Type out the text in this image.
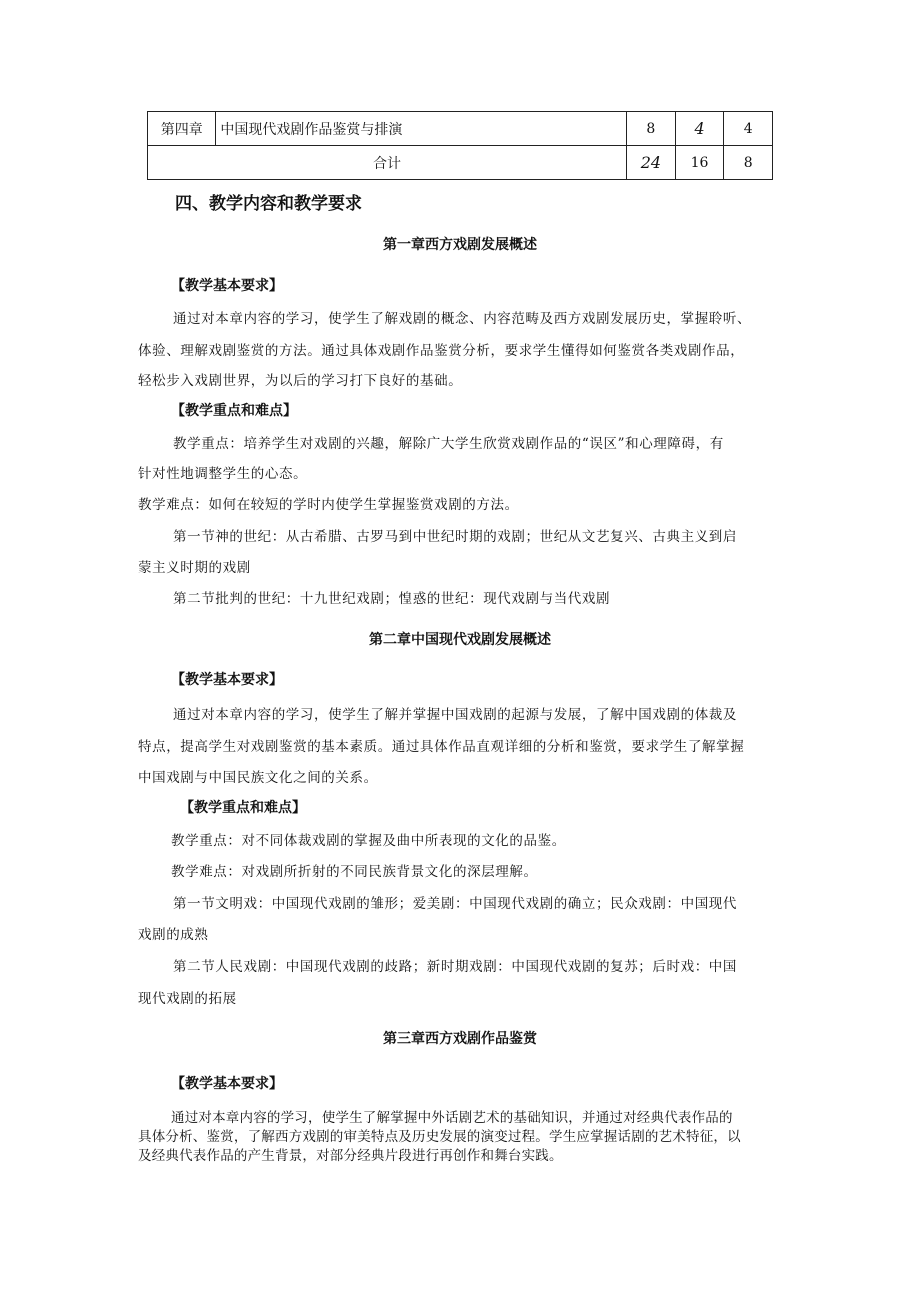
第四章	中国现代戏剧作品鉴赏与排演	8	4	4
合计		24	16	8
四、教学内容和教学要求
第一章西方戏剧发展概述
【教学基本要求】
通过对本章内容的学习，使学生了解戏剧的概念、内容范畴及西方戏剧发展历史，掌握聆听、
体验、理解戏剧鉴赏的方法。通过具体戏剧作品鉴赏分析，要求学生懂得如何鉴赏各类戏剧作品，
轻松步入戏剧世界，为以后的学习打下良好的基础。
【教学重点和难点】
教学重点：培养学生对戏剧的兴趣，解除广大学生欣赏戏剧作品的“误区”和心理障碍，有
针对性地调整学生的心态。
教学难点：如何在较短的学时内使学生掌握鉴赏戏剧的方法。
第一节神的世纪：从古希腊、古罗马到中世纪时期的戏剧；世纪从文艺复兴、古典主义到启
蒙主义时期的戏剧
第二节批判的世纪：十九世纪戏剧；惶惑的世纪：现代戏剧与当代戏剧
第二章中国现代戏剧发展概述
【教学基本要求】
通过对本章内容的学习，使学生了解并掌握中国戏剧的起源与发展，了解中国戏剧的体裁及
特点，提高学生对戏剧鉴赏的基本素质。通过具体作品直观详细的分析和鉴赏，要求学生了解掌握
中国戏剧与中国民族文化之间的关系。
【教学重点和难点】
教学重点：对不同体裁戏剧的掌握及曲中所表现的文化的品鉴。
教学难点：对戏剧所折射的不同民族背景文化的深层理解。
第一节文明戏：中国现代戏剧的雏形；爱美剧：中国现代戏剧的确立；民众戏剧：中国现代
戏剧的成熟
第二节人民戏剧：中国现代戏剧的歧路；新时期戏剧：中国现代戏剧的复苏；后时戏：中国
现代戏剧的拓展
第三章西方戏剧作品鉴赏
【教学基本要求】
通过对本章内容的学习，使学生了解掌握中外话剧艺术的基础知识，并通过对经典代表作品的
具体分析、鉴赏，了解西方戏剧的审美特点及历史发展的演变过程。学生应掌握话剧的艺术特征，以
及经典代表作品的产生背景，对部分经典片段进行再创作和舞台实践。
